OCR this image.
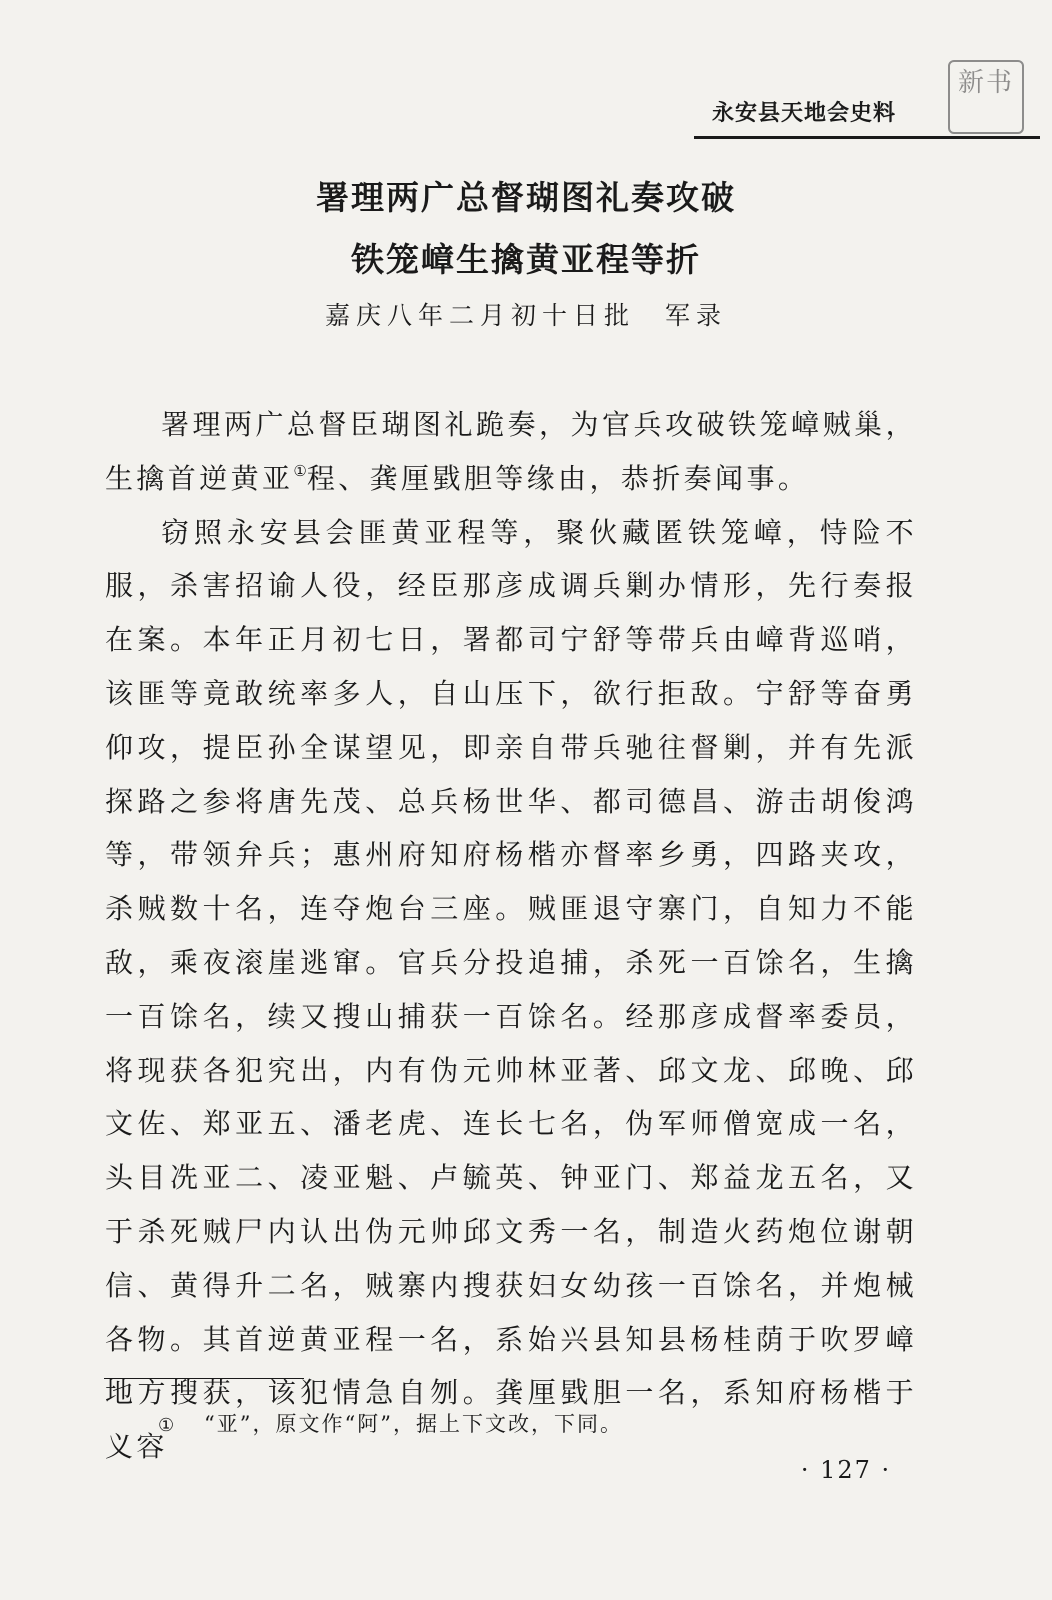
新书
永安县天地会史料
署理两广总督瑚图礼奏攻破
铁笼嶂生擒黄亚程等折
嘉庆八年二月初十日批 军录

署理两广总督臣瑚图礼跪奏，为官兵攻破铁笼嶂贼巢，生擒首逆黄亚①程、龚厘戥胆等缘由，恭折奏闻事。

窃照永安县会匪黄亚程等，聚伙藏匿铁笼嶂，恃险不服，杀害招谕人役，经臣那彦成调兵剿办情形，先行奏报在案。本年正月初七日，署都司宁舒等带兵由嶂背巡哨，该匪等竟敢统率多人，自山压下，欲行拒敌。宁舒等奋勇仰攻，提臣孙全谋望见，即亲自带兵驰往督剿，并有先派探路之参将唐先茂、总兵杨世华、都司德昌、游击胡俊鸿等，带领弁兵；惠州府知府杨楷亦督率乡勇，四路夹攻，杀贼数十名，连夺炮台三座。贼匪退守寨门，自知力不能敌，乘夜滚崖逃窜。官兵分投追捕，杀死一百馀名，生擒一百馀名，续又搜山捕获一百馀名。经那彦成督率委员，将现获各犯究出，内有伪元帅林亚著、邱文龙、邱晚、邱文佐、郑亚五、潘老虎、连长七名，伪军师僧宽成一名，头目冼亚二、凌亚魁、卢毓英、钟亚门、郑益龙五名，又于杀死贼尸内认出伪元帅邱文秀一名，制造火药炮位谢朝信、黄得升二名，贼寨内搜获妇女幼孩一百馀名，并炮械各物。其首逆黄亚程一名，系始兴县知县杨桂荫于吹罗嶂地方搜获，该犯情急自刎。龚厘戥胆一名，系知府杨楷于义容

① “亚”，原文作“阿”，据上下文改，下同。
· 127 ·
